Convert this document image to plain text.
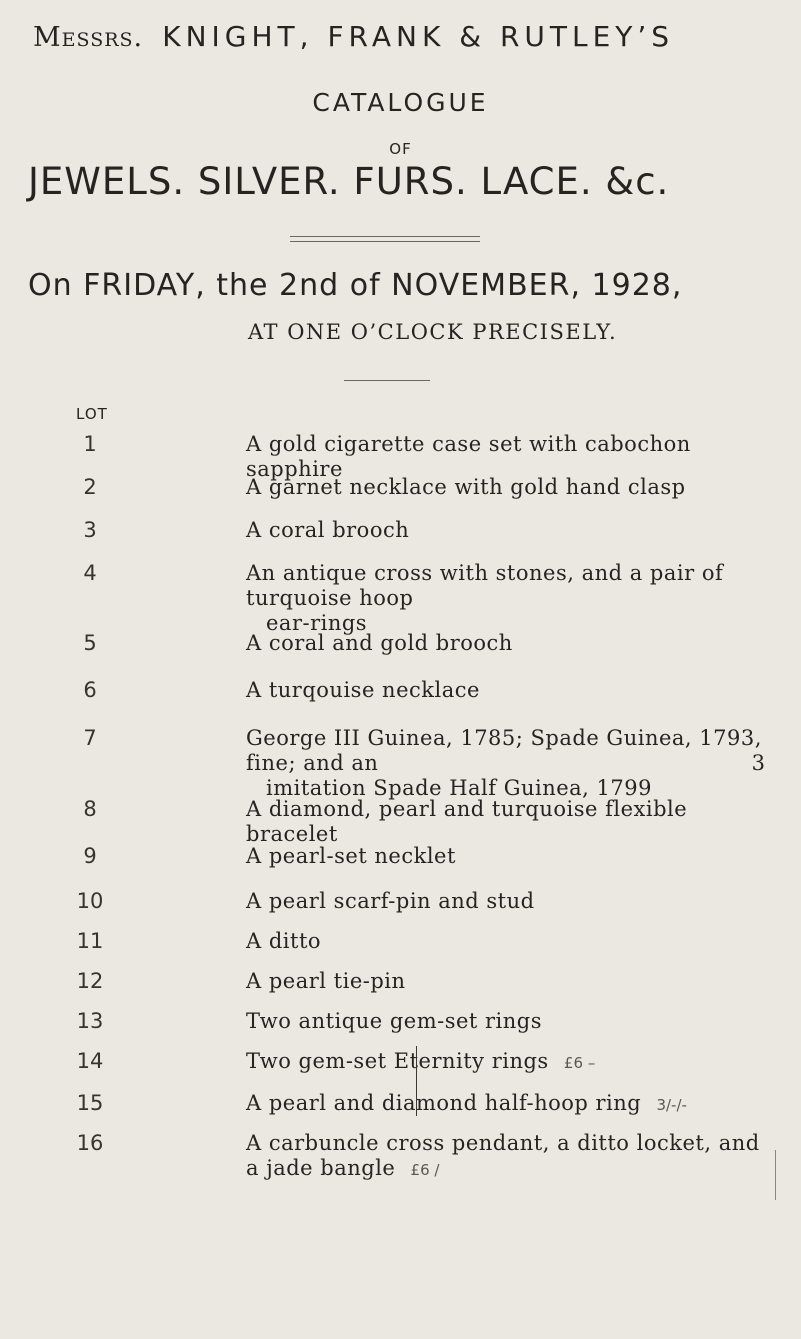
Messrs. KNIGHT, FRANK & RUTLEY’S
CATALOGUE
OF
JEWELS. SILVER. FURS. LACE. &c.
On FRIDAY, the 2nd of NOVEMBER, 1928,
AT ONE O’CLOCK PRECISELY.
LOT
1	A gold cigarette case set with cabochon sapphire
2	A garnet necklace with gold hand clasp
3	A coral brooch
4	An antique cross with stones, and a pair of turquoise hoop
ear-rings
5	A coral and gold brooch
6	A turqouise necklace
7	George III Guinea, 1785; Spade Guinea, 1793, fine; and an
imitation Spade Half Guinea, 1799
3
8	A diamond, pearl and turquoise flexible bracelet
9	A pearl-set necklet
10	A pearl scarf-pin and stud
11	A ditto
12	A pearl tie-pin
13	Two antique gem-set rings
14	Two gem-set Eternity rings £6 –
15	A pearl and diamond half-hoop ring 3/-/-
16	A carbuncle cross pendant, a ditto locket, and a jade bangle £6 /
